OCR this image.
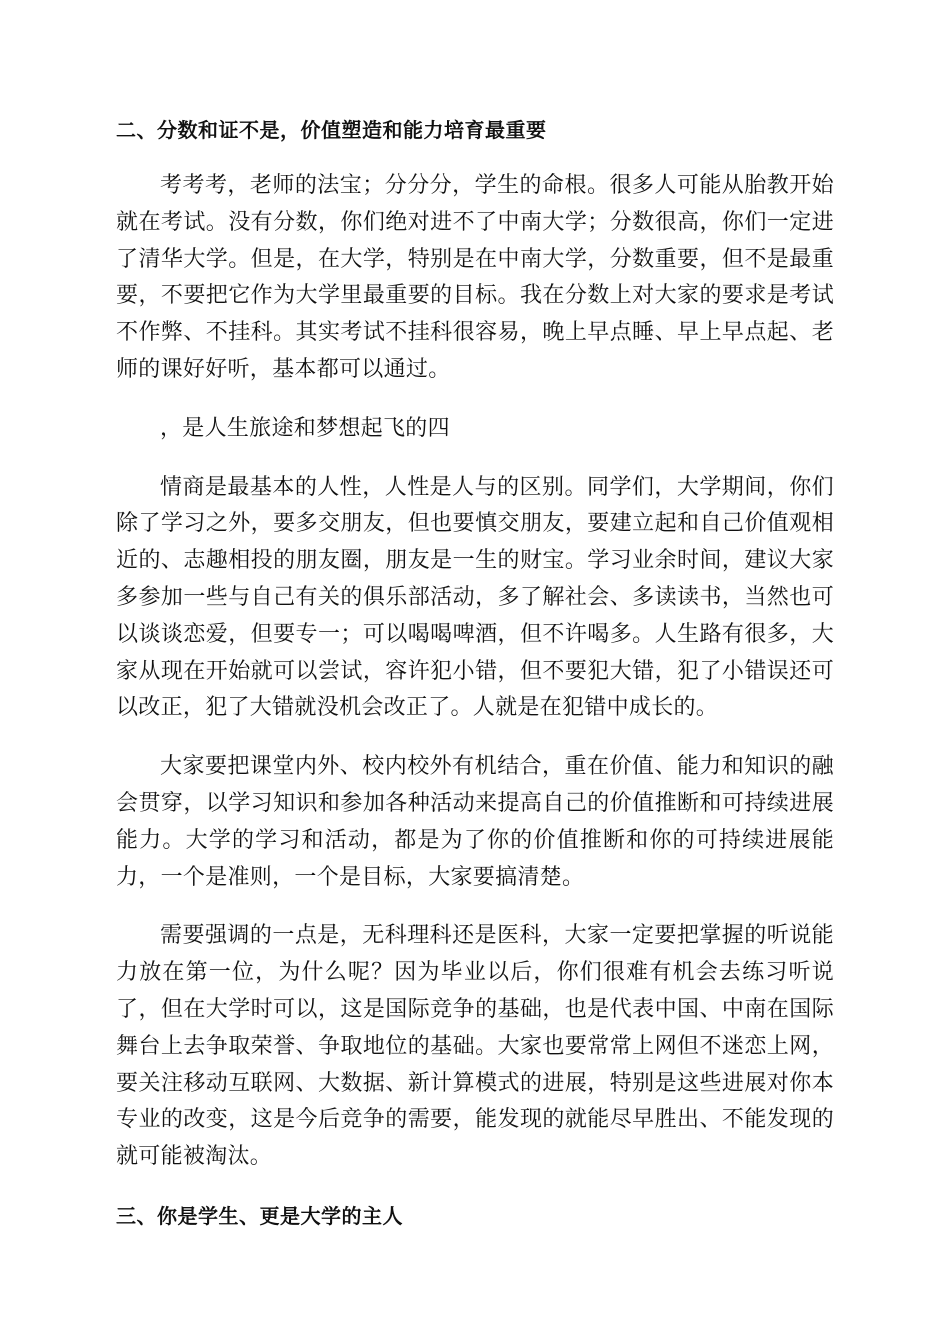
二、分数和证不是，价值塑造和能力培育最重要

考考考，老师的法宝；分分分，学生的命根。很多人可能从胎教开始就在考试。没有分数，你们绝对进不了中南大学；分数很高，你们一定进了清华大学。但是，在大学，特别是在中南大学，分数重要，但不是最重要，不要把它作为大学里最重要的目标。我在分数上对大家的要求是考试不作弊、不挂科。其实考试不挂科很容易，晚上早点睡、早上早点起、老师的课好好听，基本都可以通过。

，是人生旅途和梦想起飞的四

情商是最基本的人性，人性是人与的区别。同学们，大学期间，你们除了学习之外，要多交朋友，但也要慎交朋友，要建立起和自己价值观相近的、志趣相投的朋友圈，朋友是一生的财宝。学习业余时间，建议大家多参加一些与自己有关的俱乐部活动，多了解社会、多读读书，当然也可以谈谈恋爱，但要专一；可以喝喝啤酒，但不许喝多。人生路有很多，大家从现在开始就可以尝试，容许犯小错，但不要犯大错，犯了小错误还可以改正，犯了大错就没机会改正了。人就是在犯错中成长的。

大家要把课堂内外、校内校外有机结合，重在价值、能力和知识的融会贯穿，以学习知识和参加各种活动来提高自己的价值推断和可持续进展能力。大学的学习和活动，都是为了你的价值推断和你的可持续进展能力，一个是准则，一个是目标，大家要搞清楚。

需要强调的一点是，无科理科还是医科，大家一定要把掌握的听说能力放在第一位，为什么呢？因为毕业以后，你们很难有机会去练习听说了，但在大学时可以，这是国际竞争的基础，也是代表中国、中南在国际舞台上去争取荣誉、争取地位的基础。大家也要常常上网但不迷恋上网，要关注移动互联网、大数据、新计算模式的进展，特别是这些进展对你本专业的改变，这是今后竞争的需要，能发现的就能尽早胜出、不能发现的就可能被淘汰。

三、你是学生、更是大学的主人
